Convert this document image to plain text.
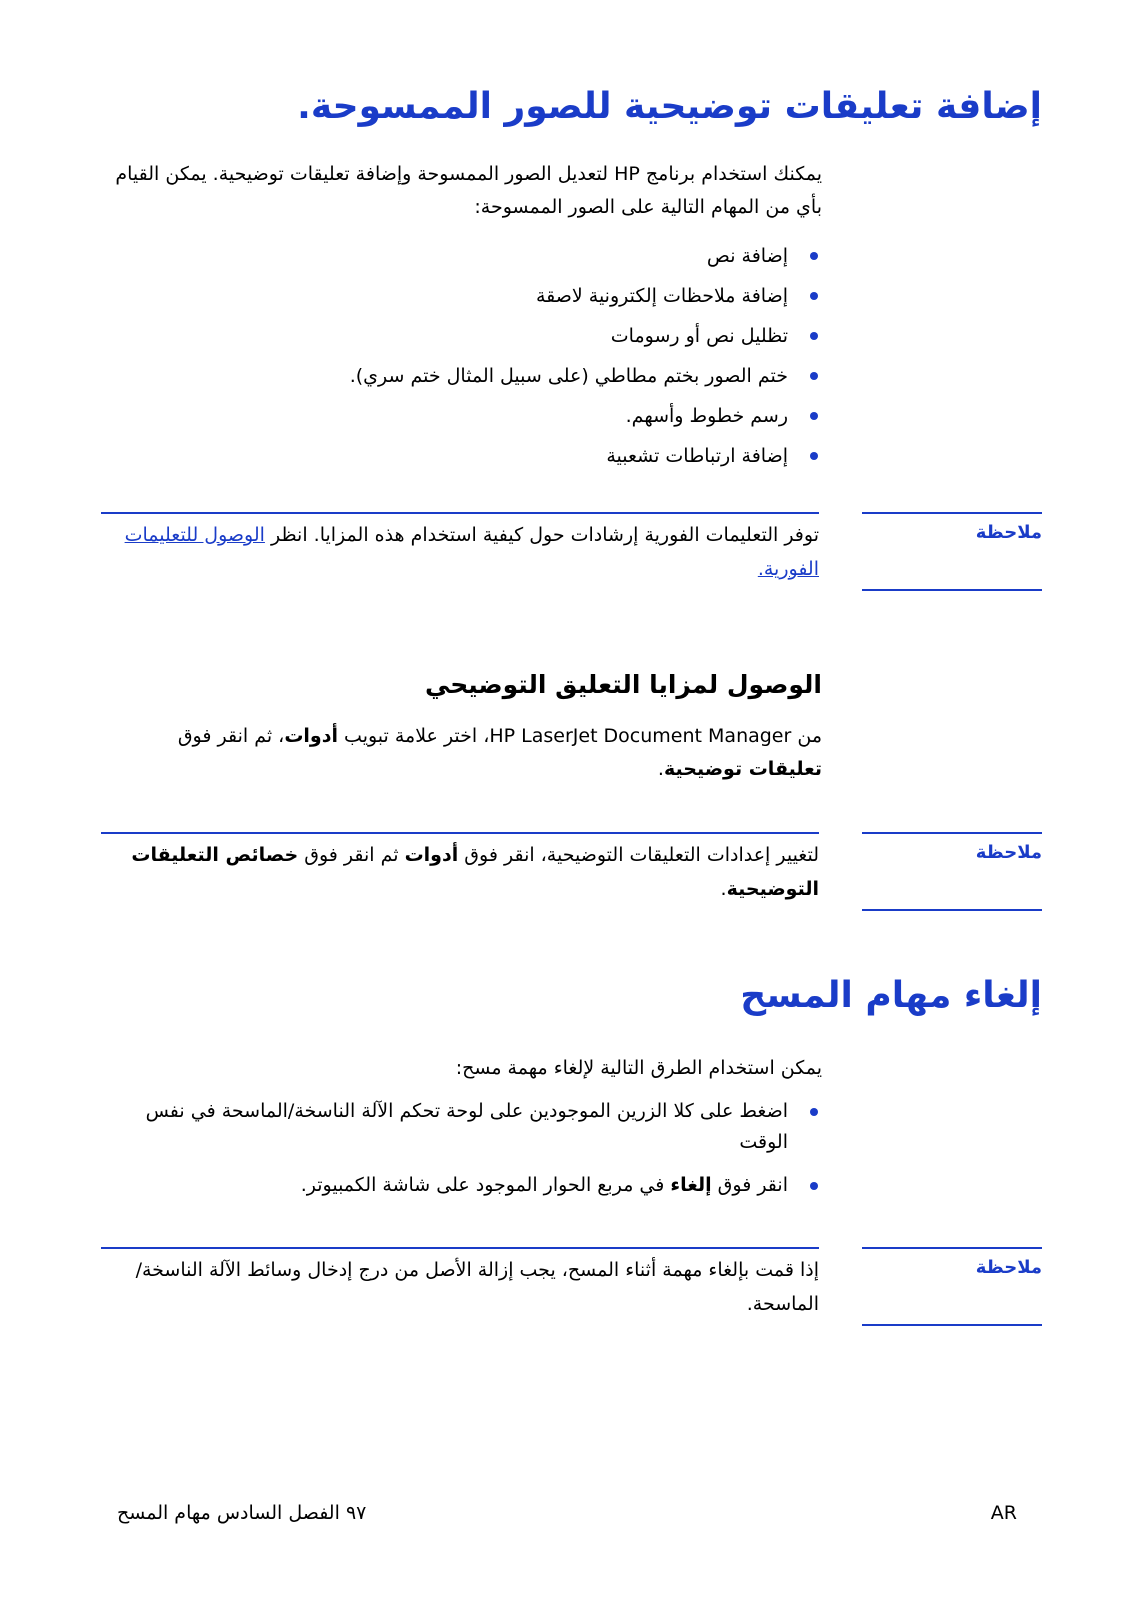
إضافة تعليقات توضيحية للصور الممسوحة.

يمكنك استخدام برنامج HP لتعديل الصور الممسوحة وإضافة تعليقات توضيحية. يمكن القيام بأي من المهام التالية على الصور الممسوحة:

إضافة نص
إضافة ملاحظات إلكترونية لاصقة
تظليل نص أو رسومات
ختم الصور بختم مطاطي (على سبيل المثال ختم سري).
رسم خطوط وأسهم.
إضافة ارتباطات تشعبية
ملاحظة

توفر التعليمات الفورية إرشادات حول كيفية استخدام هذه المزايا. انظر الوصول للتعليمات الفورية.

الوصول لمزايا التعليق التوضيحي

من HP LaserJet Document Manager، اختر علامة تبويب أدوات، ثم انقر فوق تعليقات توضيحية.

ملاحظة

لتغيير إعدادات التعليقات التوضيحية، انقر فوق أدوات ثم انقر فوق خصائص التعليقات التوضيحية.

إلغاء مهام المسح

يمكن استخدام الطرق التالية لإلغاء مهمة مسح:

اضغط على كلا الزرين الموجودين على لوحة تحكم الآلة الناسخة/الماسحة في نفس الوقت
انقر فوق إلغاء في مربع الحوار الموجود على شاشة الكمبيوتر.
ملاحظة

إذا قمت بإلغاء مهمة أثناء المسح، يجب إزالة الأصل من درج إدخال وسائط الآلة الناسخة/ الماسحة.

٩٧ الفصل السادس مهام المسح	AR
